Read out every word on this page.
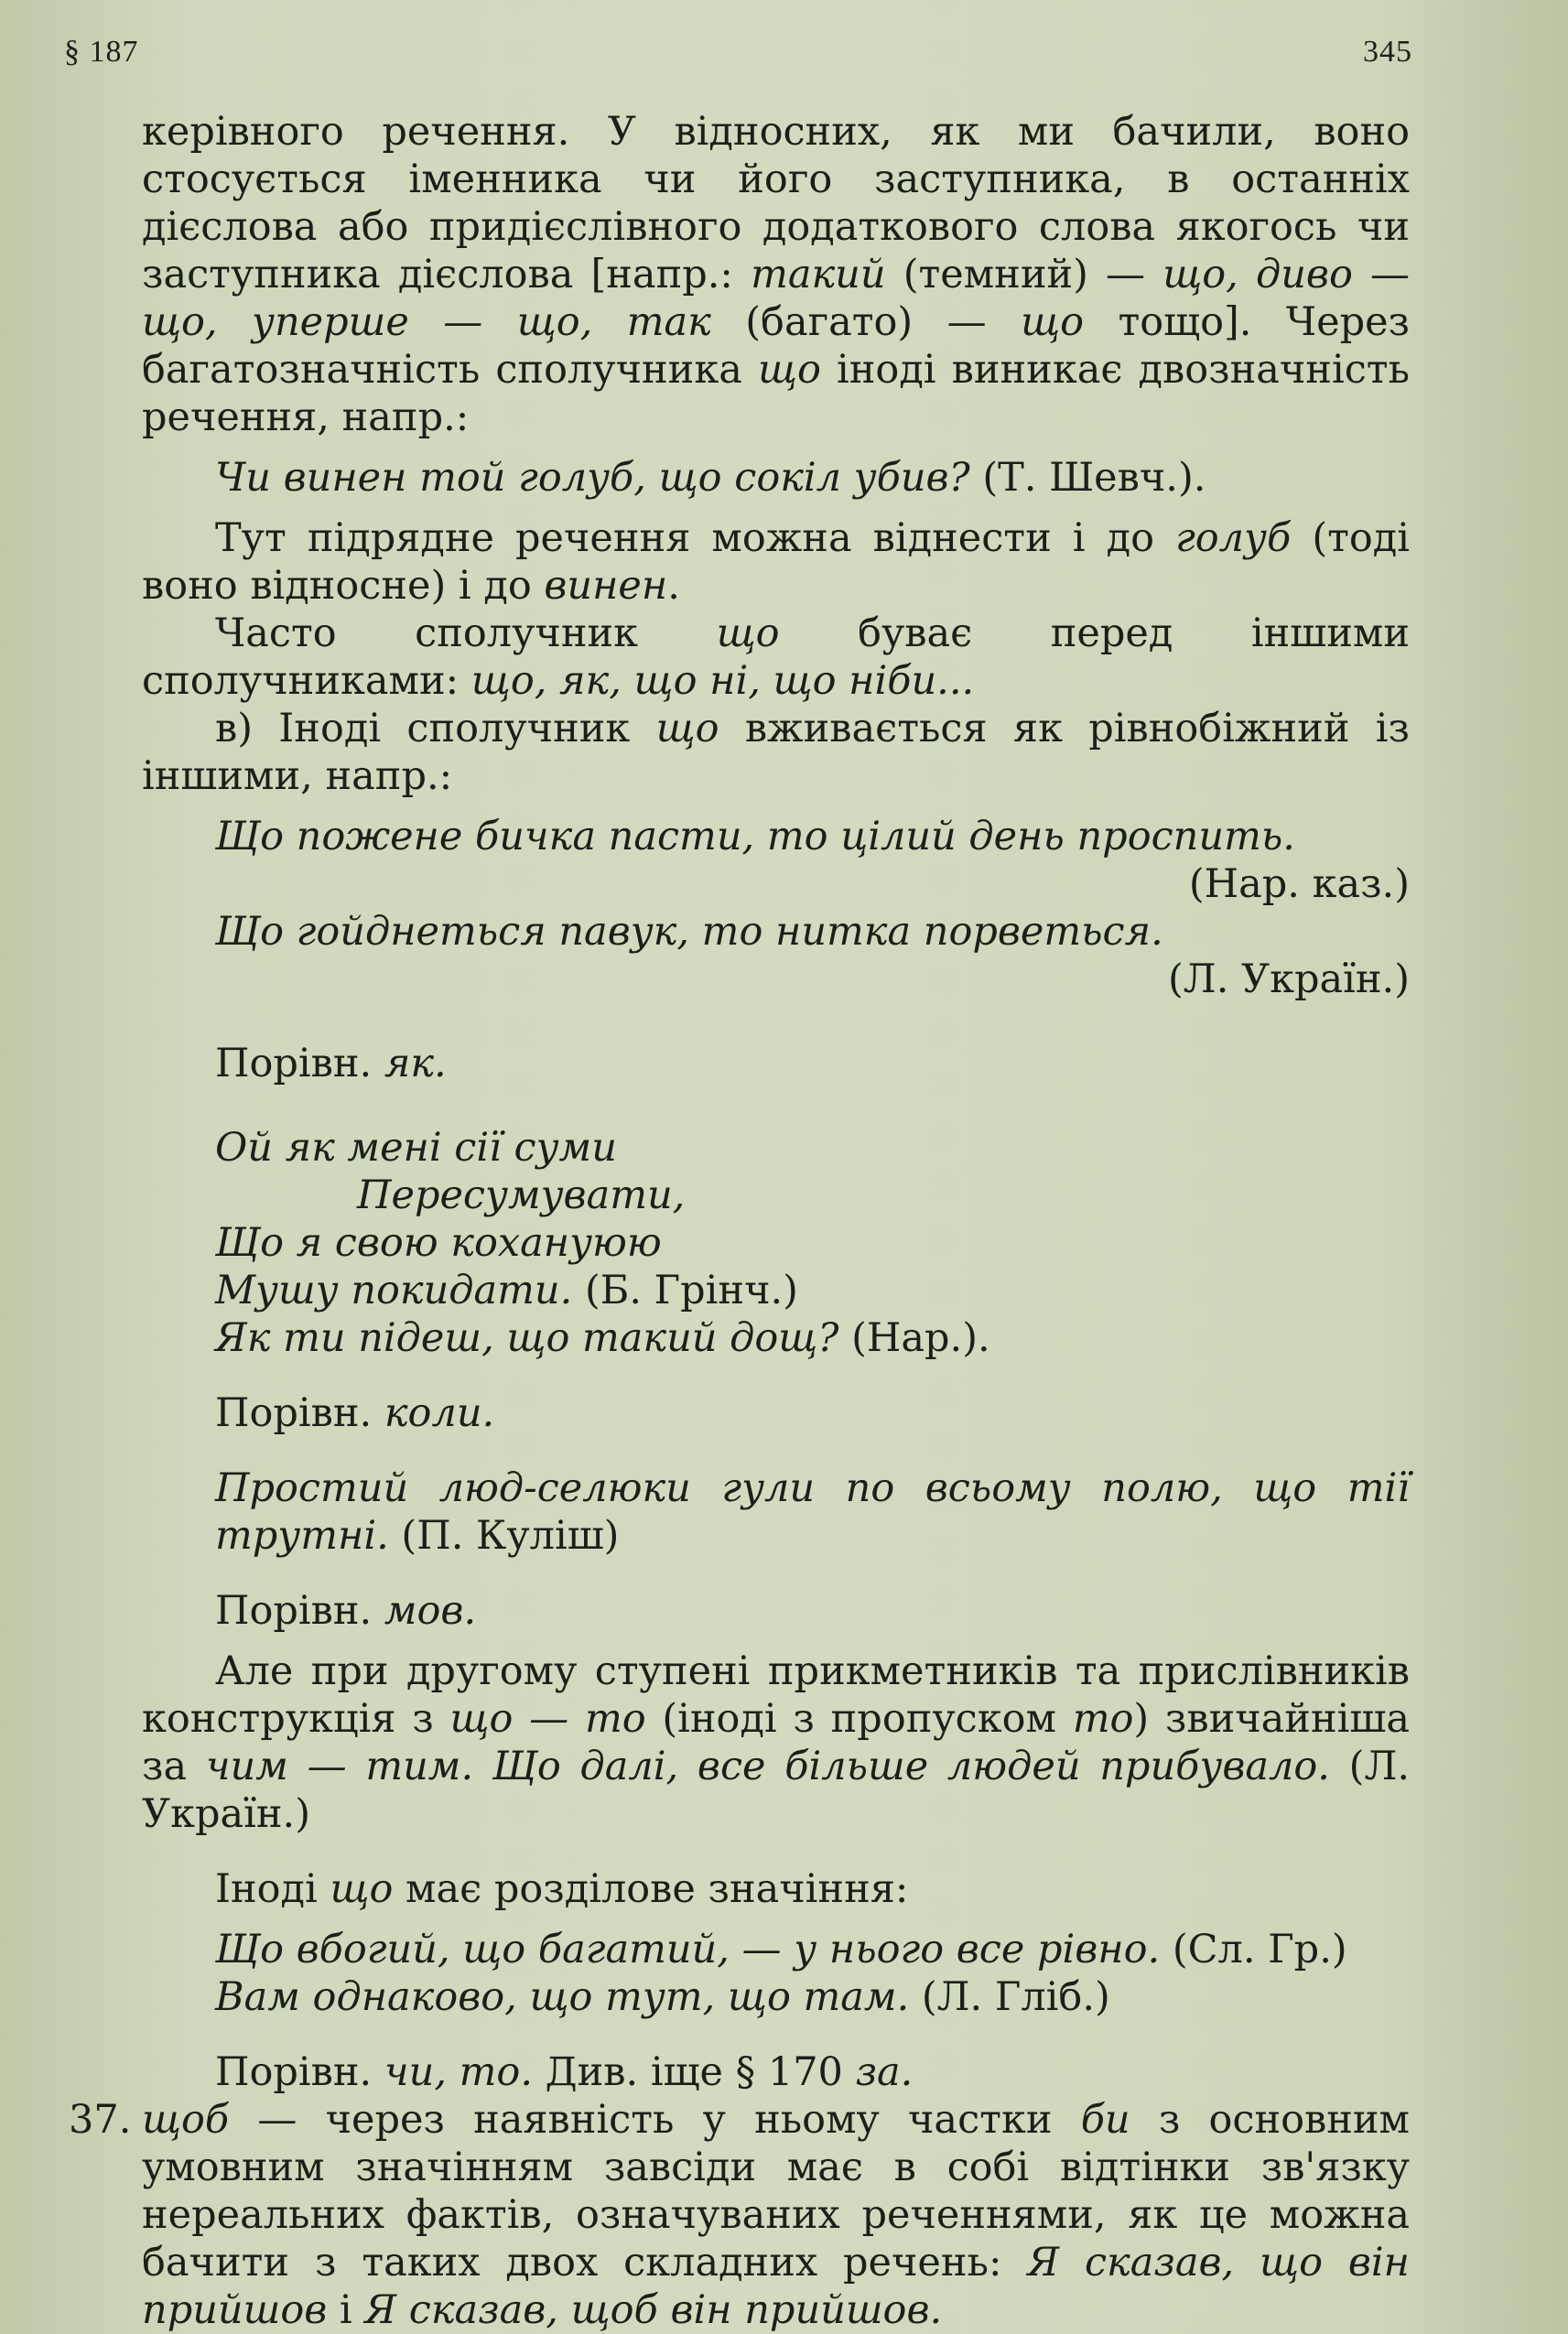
§ 187	345

керівного речення. У відносних, як ми бачили, воно стосується іменника чи його заступника, в останніх дієслова або придієслівного додаткового слова якогось чи заступника дієслова [напр.: такий (темний) — що, диво — що, уперше — що, так (багато) — що тощо]. Через багатозначність сполучника що іноді виникає двозначність речення, напр.:

Чи винен той голуб, що сокіл убив? (Т. Шевч.).

Тут підрядне речення можна віднести і до голуб (тоді воно відносне) і до винен.

Часто сполучник що буває перед іншими сполучниками: що, як, що ні, що ніби...

в) Іноді сполучник що вживається як рівнобіжний із іншими, напр.:

Що пожене бичка пасти, то цілий день проспить.

(Нар. каз.)

Що гойднеться павук, то нитка порветься.

(Л. Україн.)

Порівн. як.

Ой як мені сії суми

Пересумувати,

Що я свою кохануюю

Мушу покидати. (Б. Грінч.)

Як ти підеш, що такий дощ? (Нар.).

Порівн. коли.

Простий люд-селюки гули по всьому полю, що тії трутні. (П. Куліш)

Порівн. мов.

Але при другому ступені прикметників та прислівників конструкція з що — то (іноді з пропуском то) звичайніша за чим — тим. Що далі, все більше людей прибувало. (Л. Україн.)

Іноді що має розділове значіння:

Що вбогий, що багатий, — у нього все рівно. (Сл. Гр.)

Вам однаково, що тут, що там. (Л. Гліб.)

Порівн. чи, то. Див. іще § 170 за.

37. щоб — через наявність у ньому частки би з основним умовним значінням завсіди має в собі відтінки зв'язку нереальних фактів, означуваних реченнями, як це можна бачити з таких двох складних речень: Я сказав, що він прийшов і Я сказав, щоб він прийшов.
